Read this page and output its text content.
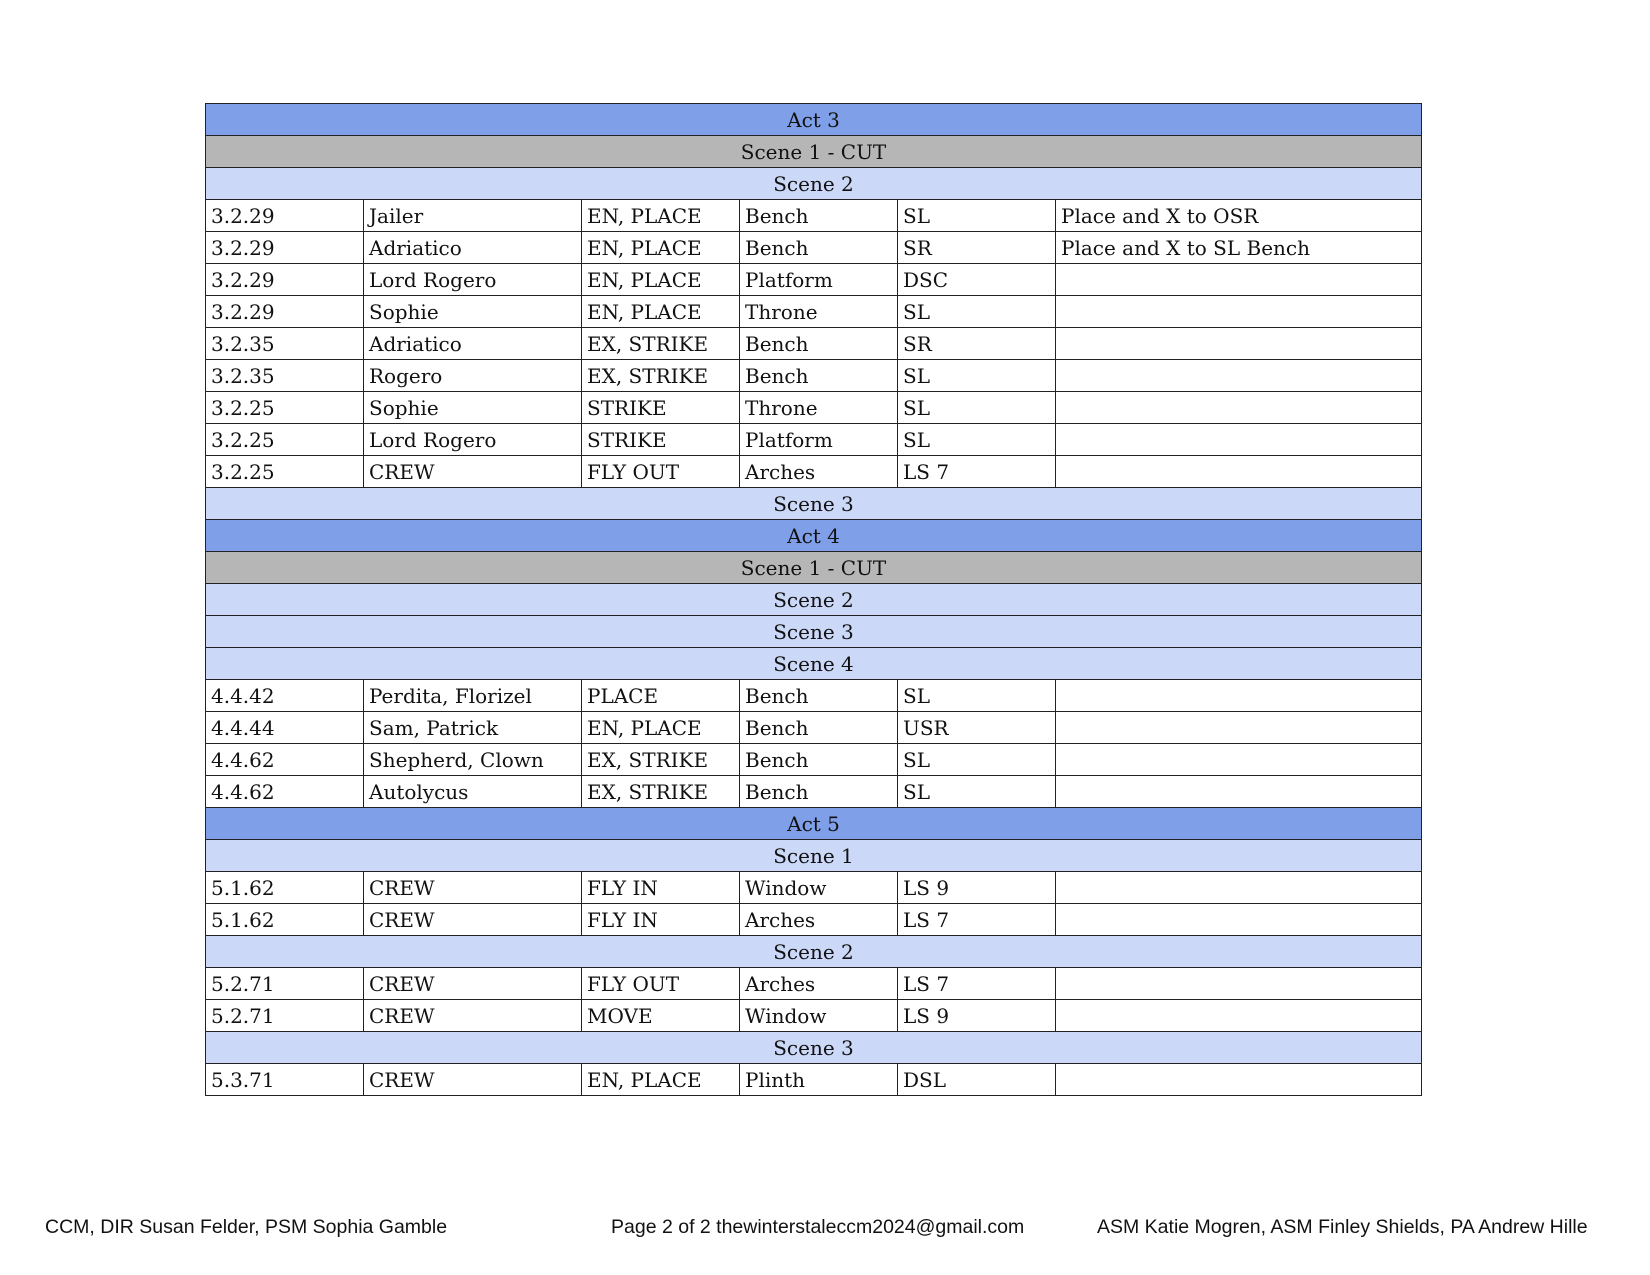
Act 3					
Scene 1 - CUT					
Scene 2					
3.2.29	Jailer	EN, PLACE	Bench	SL	Place and X to OSR
3.2.29	Adriatico	EN, PLACE	Bench	SR	Place and X to SL Bench
3.2.29	Lord Rogero	EN, PLACE	Platform	DSC	
3.2.29	Sophie	EN, PLACE	Throne	SL	
3.2.35	Adriatico	EX, STRIKE	Bench	SR	
3.2.35	Rogero	EX, STRIKE	Bench	SL	
3.2.25	Sophie	STRIKE	Throne	SL	
3.2.25	Lord Rogero	STRIKE	Platform	SL	
3.2.25	CREW	FLY OUT	Arches	LS 7	
Scene 3					
Act 4					
Scene 1 - CUT					
Scene 2					
Scene 3					
Scene 4					
4.4.42	Perdita, Florizel	PLACE	Bench	SL	
4.4.44	Sam, Patrick	EN, PLACE	Bench	USR	
4.4.62	Shepherd, Clown	EX, STRIKE	Bench	SL	
4.4.62	Autolycus	EX, STRIKE	Bench	SL	
Act 5					
Scene 1					
5.1.62	CREW	FLY IN	Window	LS 9	
5.1.62	CREW	FLY IN	Arches	LS 7	
Scene 2					
5.2.71	CREW	FLY OUT	Arches	LS 7	
5.2.71	CREW	MOVE	Window	LS 9	
Scene 3					
5.3.71	CREW	EN, PLACE	Plinth	DSL	
CCM, DIR Susan Felder, PSM Sophia Gamble	Page 2 of 2 thewinterstaleccm2024@gmail.com	ASM Katie Mogren, ASM Finley Shields, PA Andrew Hille
